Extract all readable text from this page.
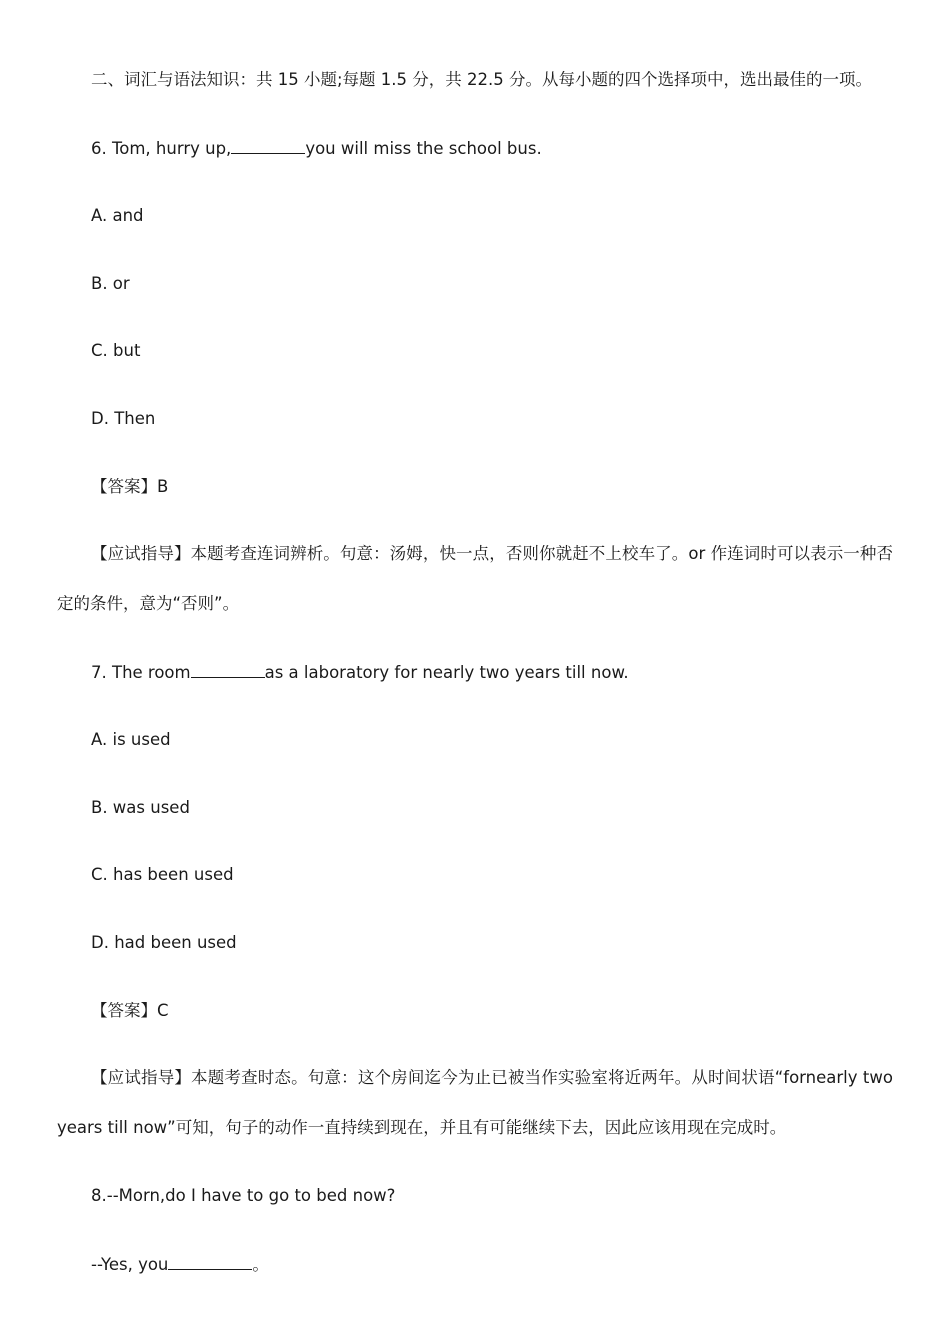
二、词汇与语法知识：共 15 小题;每题 1.5 分，共 22.5 分。从每小题的四个选择项中，选出最佳的一项。
6. Tom, hurry up,	you will miss the school bus.
A. and
B. or
C. but
D. Then
【答案】B
【应试指导】本题考查连词辨析。句意：汤姆，快一点，否则你就赶不上校车了。or 作连词时可以表示一种否定的条件，意为“否则”。
7. The room	as a laboratory for nearly two years till now.
A. is used
B. was used
C. has been used
D. had been used
【答案】C
【应试指导】本题考查时态。句意：这个房间迄今为止已被当作实验室将近两年。从时间状语“fornearly two years till now”可知，句子的动作一直持续到现在，并且有可能继续下去，因此应该用现在完成时。
8.--Morn,do I have to go to bed now?
--Yes, you	。
